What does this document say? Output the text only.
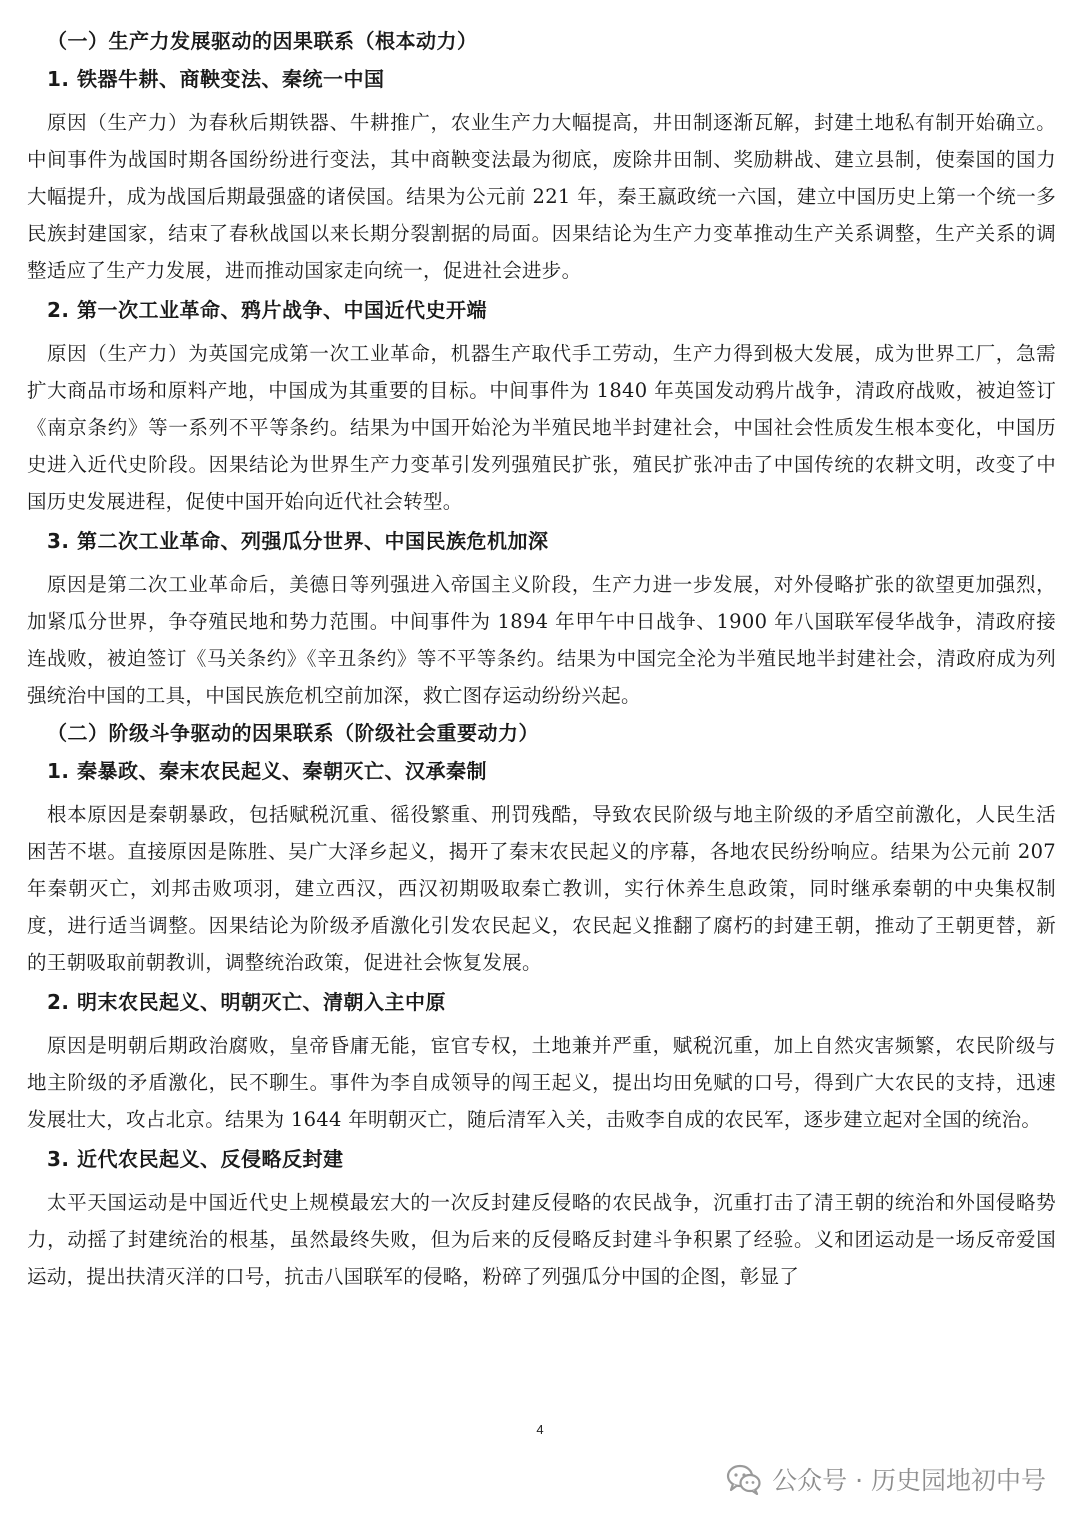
（一）生产力发展驱动的因果联系（根本动力）
1. 铁器牛耕、商鞅变法、秦统一中国

原因（生产力）为春秋后期铁器、牛耕推广，农业生产力大幅提高，井田制逐渐瓦解，封建土地私有制开始确立。中间事件为战国时期各国纷纷进行变法，其中商鞅变法最为彻底，废除井田制、奖励耕战、建立县制，使秦国的国力大幅提升，成为战国后期最强盛的诸侯国。结果为公元前 221 年，秦王嬴政统一六国，建立中国历史上第一个统一多民族封建国家，结束了春秋战国以来长期分裂割据的局面。因果结论为生产力变革推动生产关系调整，生产关系的调整适应了生产力发展，进而推动国家走向统一，促进社会进步。

2. 第一次工业革命、鸦片战争、中国近代史开端

原因（生产力）为英国完成第一次工业革命，机器生产取代手工劳动，生产力得到极大发展，成为世界工厂，急需扩大商品市场和原料产地，中国成为其重要的目标。中间事件为 1840 年英国发动鸦片战争，清政府战败，被迫签订《南京条约》等一系列不平等条约。结果为中国开始沦为半殖民地半封建社会，中国社会性质发生根本变化，中国历史进入近代史阶段。因果结论为世界生产力变革引发列强殖民扩张，殖民扩张冲击了中国传统的农耕文明，改变了中国历史发展进程，促使中国开始向近代社会转型。

3. 第二次工业革命、列强瓜分世界、中国民族危机加深

原因是第二次工业革命后，美德日等列强进入帝国主义阶段，生产力进一步发展，对外侵略扩张的欲望更加强烈，加紧瓜分世界，争夺殖民地和势力范围。中间事件为 1894 年甲午中日战争、1900 年八国联军侵华战争，清政府接连战败，被迫签订《马关条约》《辛丑条约》等不平等条约。结果为中国完全沦为半殖民地半封建社会，清政府成为列强统治中国的工具，中国民族危机空前加深，救亡图存运动纷纷兴起。

（二）阶级斗争驱动的因果联系（阶级社会重要动力）
1. 秦暴政、秦末农民起义、秦朝灭亡、汉承秦制

根本原因是秦朝暴政，包括赋税沉重、徭役繁重、刑罚残酷，导致农民阶级与地主阶级的矛盾空前激化，人民生活困苦不堪。直接原因是陈胜、吴广大泽乡起义，揭开了秦末农民起义的序幕，各地农民纷纷响应。结果为公元前 207 年秦朝灭亡，刘邦击败项羽，建立西汉，西汉初期吸取秦亡教训，实行休养生息政策，同时继承秦朝的中央集权制度，进行适当调整。因果结论为阶级矛盾激化引发农民起义，农民起义推翻了腐朽的封建王朝，推动了王朝更替，新的王朝吸取前朝教训，调整统治政策，促进社会恢复发展。

2. 明末农民起义、明朝灭亡、清朝入主中原

原因是明朝后期政治腐败，皇帝昏庸无能，宦官专权，土地兼并严重，赋税沉重，加上自然灾害频繁，农民阶级与地主阶级的矛盾激化，民不聊生。事件为李自成领导的闯王起义，提出均田免赋的口号，得到广大农民的支持，迅速发展壮大，攻占北京。结果为 1644 年明朝灭亡，随后清军入关，击败李自成的农民军，逐步建立起对全国的统治。

3. 近代农民起义、反侵略反封建

太平天国运动是中国近代史上规模最宏大的一次反封建反侵略的农民战争，沉重打击了清王朝的统治和外国侵略势力，动摇了封建统治的根基，虽然最终失败，但为后来的反侵略反封建斗争积累了经验。义和团运动是一场反帝爱国运动，提出扶清灭洋的口号，抗击八国联军的侵略，粉碎了列强瓜分中国的企图，彰显了

4
公众号 · 历史园地初中号
